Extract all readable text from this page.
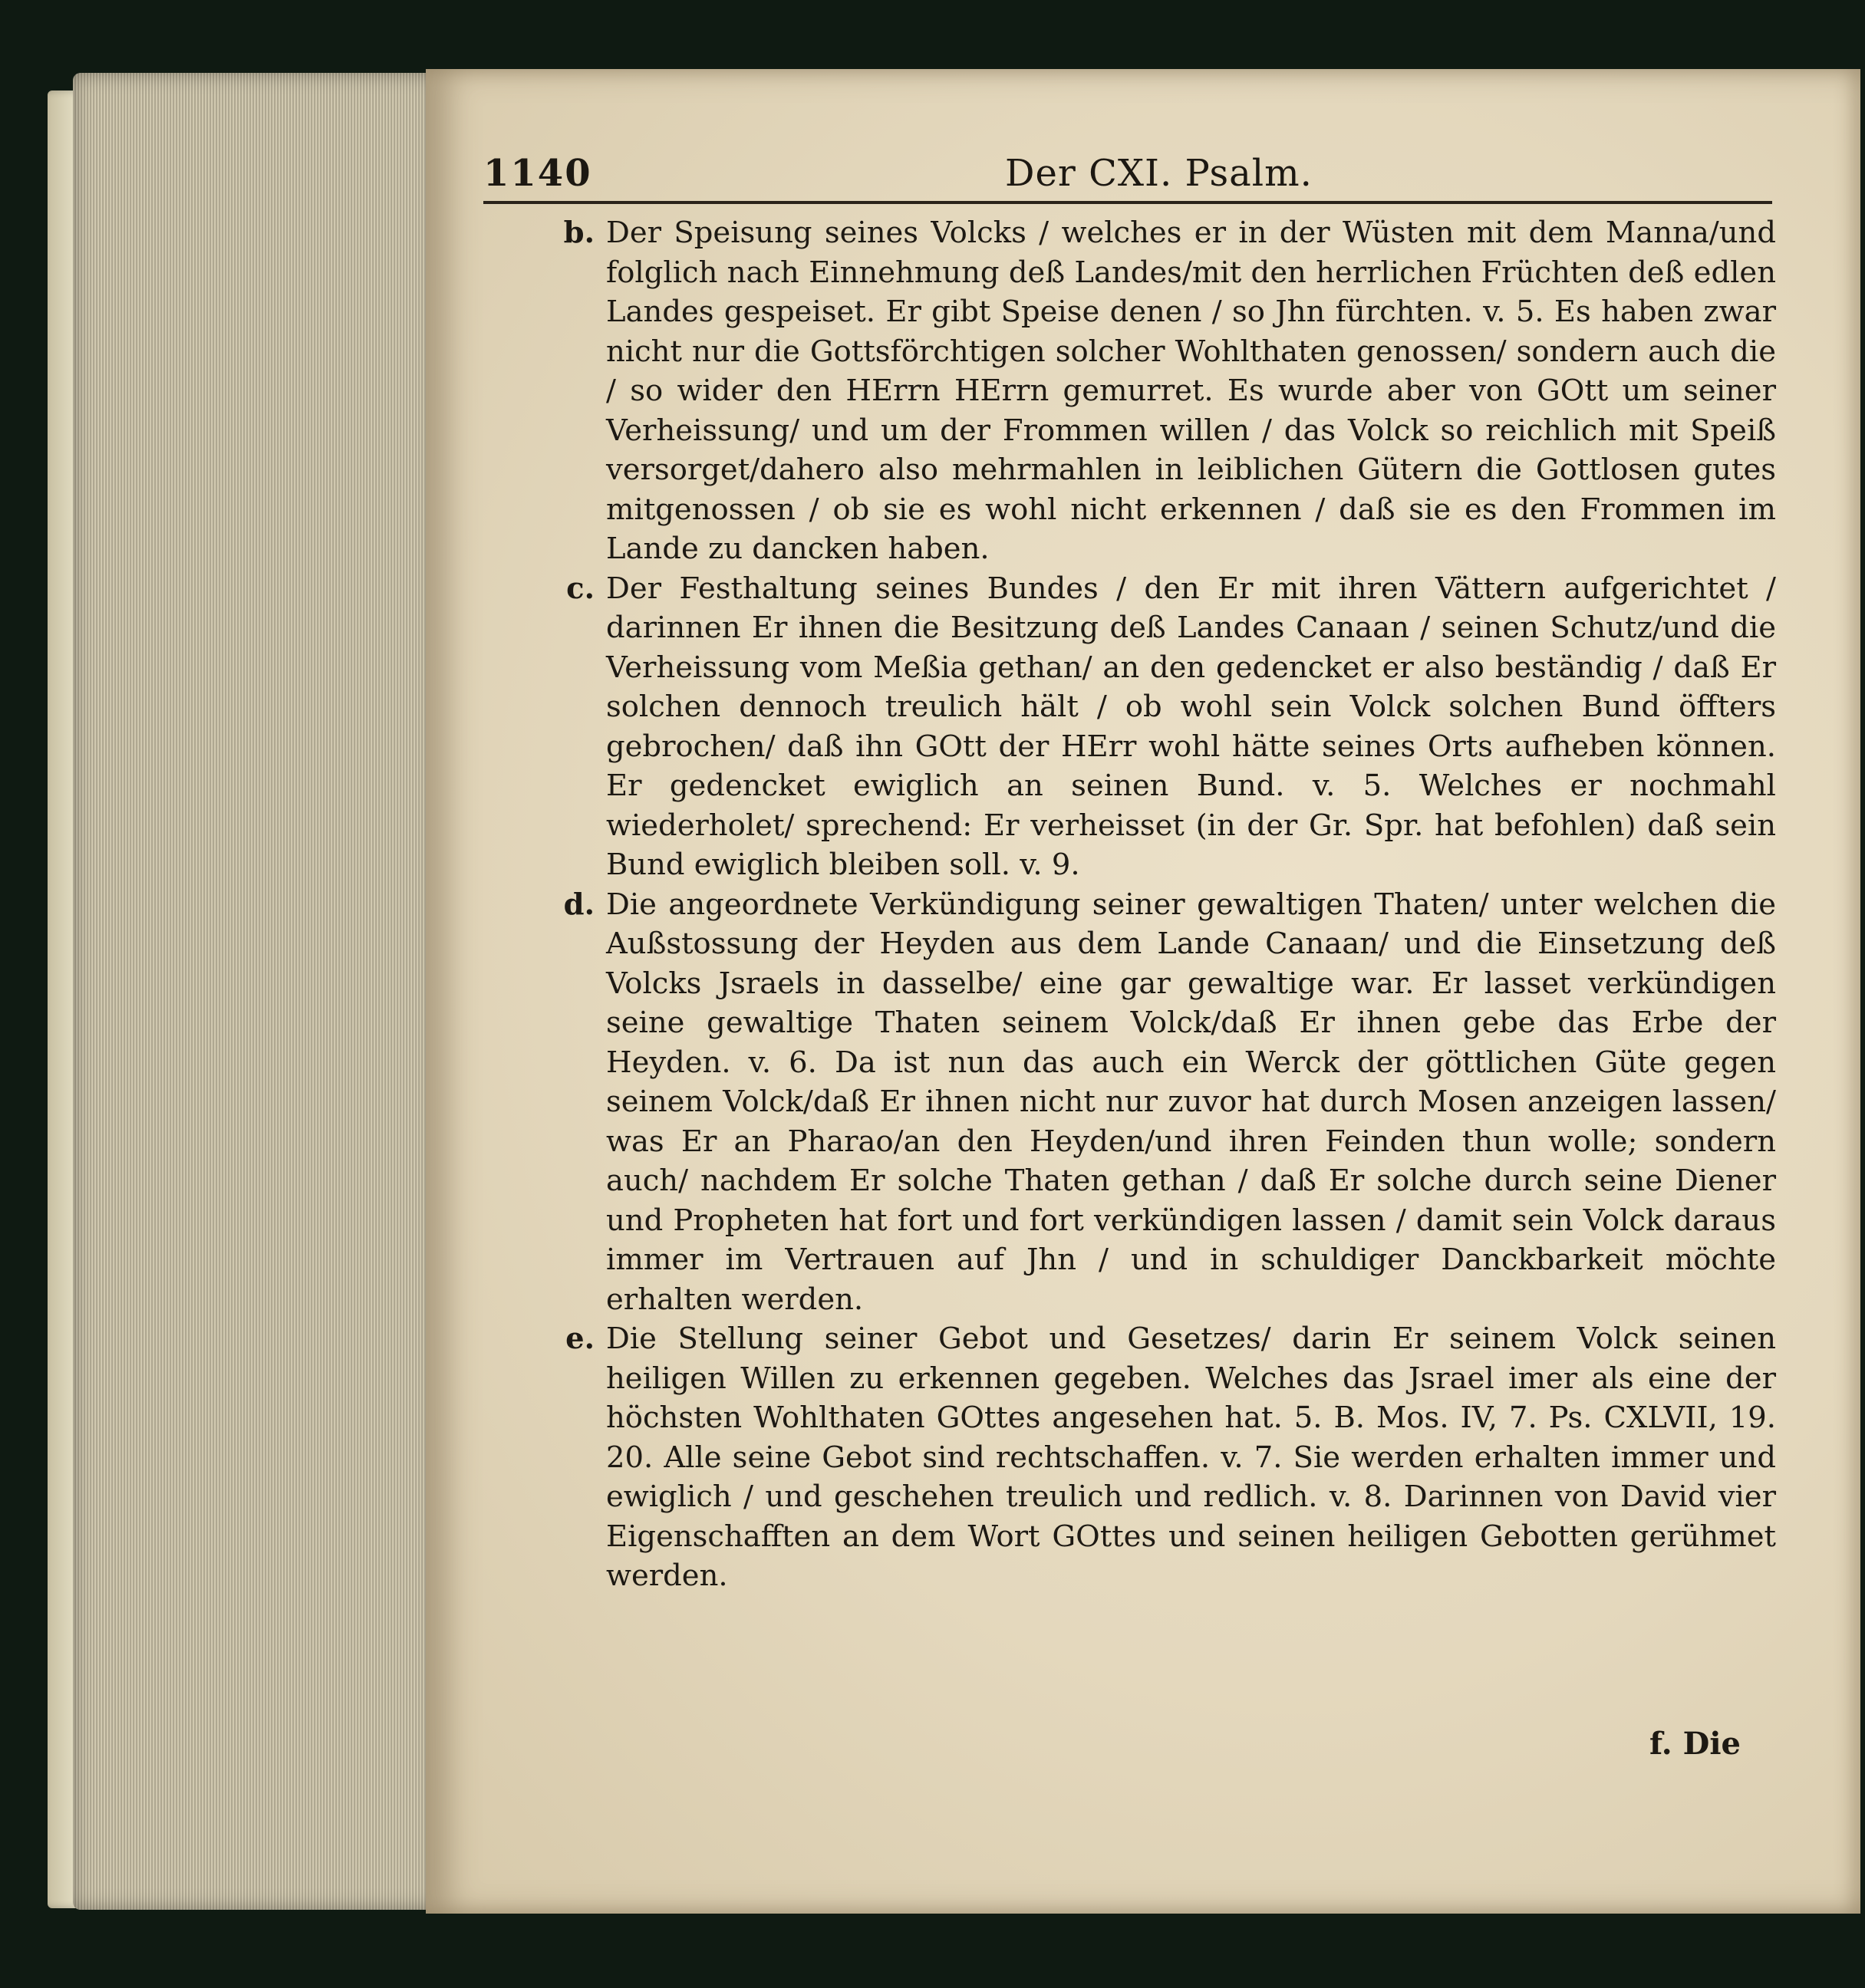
1140	Der CXI. Psalm.

b. Der Speisung seines Volcks / welches er in der Wüsten mit dem Manna/und folglich nach Einnehmung deß Landes/mit den herrlichen Früchten deß edlen Landes gespeiset. Er gibt Speise denen / so Jhn fürchten. v. 5. Es haben zwar nicht nur die Gottsförchtigen solcher Wohlthaten genossen/ sondern auch die / so wider den HErrn HErrn gemurret. Es wurde aber von GOtt um seiner Verheissung/ und um der Frommen willen / das Volck so reichlich mit Speiß versorget/dahero also mehrmahlen in leiblichen Gütern die Gottlosen gutes mitgenossen / ob sie es wohl nicht erkennen / daß sie es den Frommen im Lande zu dancken haben.

c. Der Festhaltung seines Bundes / den Er mit ihren Vättern aufgerichtet / darinnen Er ihnen die Besitzung deß Landes Canaan / seinen Schutz/und die Verheissung vom Meßia gethan/ an den gedencket er also beständig / daß Er solchen dennoch treulich hält / ob wohl sein Volck solchen Bund öffters gebrochen/ daß ihn GOtt der HErr wohl hätte seines Orts aufheben können. Er gedencket ewiglich an seinen Bund. v. 5. Welches er nochmahl wiederholet/ sprechend: Er verheisset (in der Gr. Spr. hat befohlen) daß sein Bund ewiglich bleiben soll. v. 9.

d. Die angeordnete Verkündigung seiner gewaltigen Thaten/ unter welchen die Außstossung der Heyden aus dem Lande Canaan/ und die Einsetzung deß Volcks Jsraels in dasselbe/ eine gar gewaltige war. Er lasset verkündigen seine gewaltige Thaten seinem Volck/daß Er ihnen gebe das Erbe der Heyden. v. 6. Da ist nun das auch ein Werck der göttlichen Güte gegen seinem Volck/daß Er ihnen nicht nur zuvor hat durch Mosen anzeigen lassen/ was Er an Pharao/an den Heyden/und ihren Feinden thun wolle; sondern auch/ nachdem Er solche Thaten gethan / daß Er solche durch seine Diener und Propheten hat fort und fort verkündigen lassen / damit sein Volck daraus immer im Vertrauen auf Jhn / und in schuldiger Danckbarkeit möchte erhalten werden.

e. Die Stellung seiner Gebot und Gesetzes/ darin Er seinem Volck seinen heiligen Willen zu erkennen gegeben. Welches das Jsrael imer als eine der höchsten Wohlthaten GOttes angesehen hat. 5. B. Mos. IV, 7. Ps. CXLVII, 19. 20. Alle seine Gebot sind rechtschaffen. v. 7. Sie werden erhalten immer und ewiglich / und geschehen treulich und redlich. v. 8. Darinnen von David vier Eigenschafften an dem Wort GOttes und seinen heiligen Gebotten gerühmet werden.

f. Die
